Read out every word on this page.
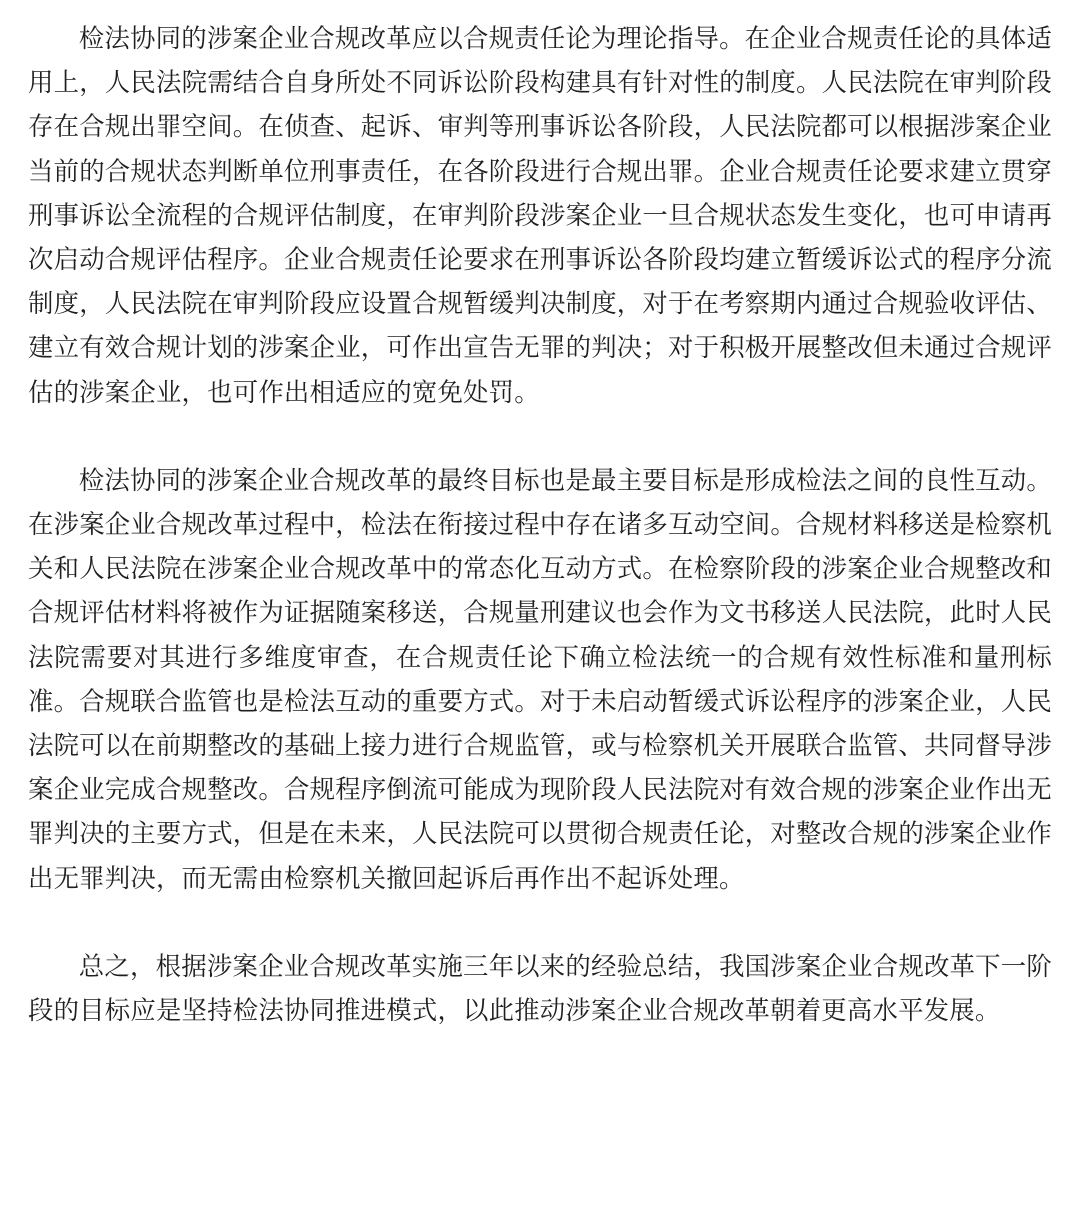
检法协同的涉案企业合规改革应以合规责任论为理论指导。在企业合规责任论的具体适用上，人民法院需结合自身所处不同诉讼阶段构建具有针对性的制度。人民法院在审判阶段存在合规出罪空间。在侦查、起诉、审判等刑事诉讼各阶段，人民法院都可以根据涉案企业当前的合规状态判断单位刑事责任，在各阶段进行合规出罪。企业合规责任论要求建立贯穿刑事诉讼全流程的合规评估制度，在审判阶段涉案企业一旦合规状态发生变化，也可申请再次启动合规评估程序。企业合规责任论要求在刑事诉讼各阶段均建立暂缓诉讼式的程序分流制度，人民法院在审判阶段应设置合规暂缓判决制度，对于在考察期内通过合规验收评估、建立有效合规计划的涉案企业，可作出宣告无罪的判决；对于积极开展整改但未通过合规评估的涉案企业，也可作出相适应的宽免处罚。

检法协同的涉案企业合规改革的最终目标也是最主要目标是形成检法之间的良性互动。在涉案企业合规改革过程中，检法在衔接过程中存在诸多互动空间。合规材料移送是检察机关和人民法院在涉案企业合规改革中的常态化互动方式。在检察阶段的涉案企业合规整改和合规评估材料将被作为证据随案移送，合规量刑建议也会作为文书移送人民法院，此时人民法院需要对其进行多维度审查，在合规责任论下确立检法统一的合规有效性标准和量刑标准。合规联合监管也是检法互动的重要方式。对于未启动暂缓式诉讼程序的涉案企业，人民法院可以在前期整改的基础上接力进行合规监管，或与检察机关开展联合监管、共同督导涉案企业完成合规整改。合规程序倒流可能成为现阶段人民法院对有效合规的涉案企业作出无罪判决的主要方式，但是在未来，人民法院可以贯彻合规责任论，对整改合规的涉案企业作出无罪判决，而无需由检察机关撤回起诉后再作出不起诉处理。

总之，根据涉案企业合规改革实施三年以来的经验总结，我国涉案企业合规改革下一阶段的目标应是坚持检法协同推进模式，以此推动涉案企业合规改革朝着更高水平发展。
